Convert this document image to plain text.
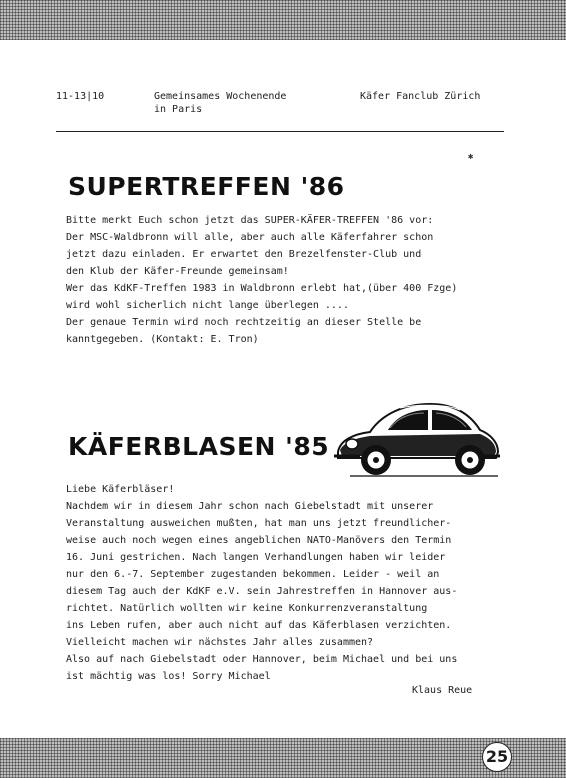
11-13|10	Gemeinsames Wochenende
in Paris
Käfer Fanclub Zürich
✱
SUPERTREFFEN '86
Bitte merkt Euch schon jetzt das SUPER-KÄFER-TREFFEN '86 vor:
Der MSC-Waldbronn will alle, aber auch alle Käferfahrer schon
jetzt dazu einladen. Er erwartet den Brezelfenster-Club und
den Klub der Käfer-Freunde gemeinsam!
Wer das KdKF-Treffen 1983 in Waldbronn erlebt hat,(über 400 Fzge)
wird wohl sicherlich nicht lange überlegen ....
Der genaue Termin wird noch rechtzeitig an dieser Stelle be
kanntgegeben. (Kontakt: E. Tron)
KÄFERBLASEN '85
Liebe Käferbläser!
Nachdem wir in diesem Jahr schon nach Giebelstadt mit unserer
Veranstaltung ausweichen mußten, hat man uns jetzt freundlicher-
weise auch noch wegen eines angeblichen NATO-Manövers den Termin
16. Juni gestrichen. Nach langen Verhandlungen haben wir leider
nur den 6.-7. September zugestanden bekommen. Leider - weil an
diesem Tag auch der KdKF e.V. sein Jahrestreffen in Hannover aus-
richtet. Natürlich wollten wir keine Konkurrenzveranstaltung
ins Leben rufen, aber auch nicht auf das Käferblasen verzichten.
Vielleicht machen wir nächstes Jahr alles zusammen?
Also auf nach Giebelstadt oder Hannover, beim Michael und bei uns
ist mächtig was los! Sorry Michael
Klaus Reue
25
